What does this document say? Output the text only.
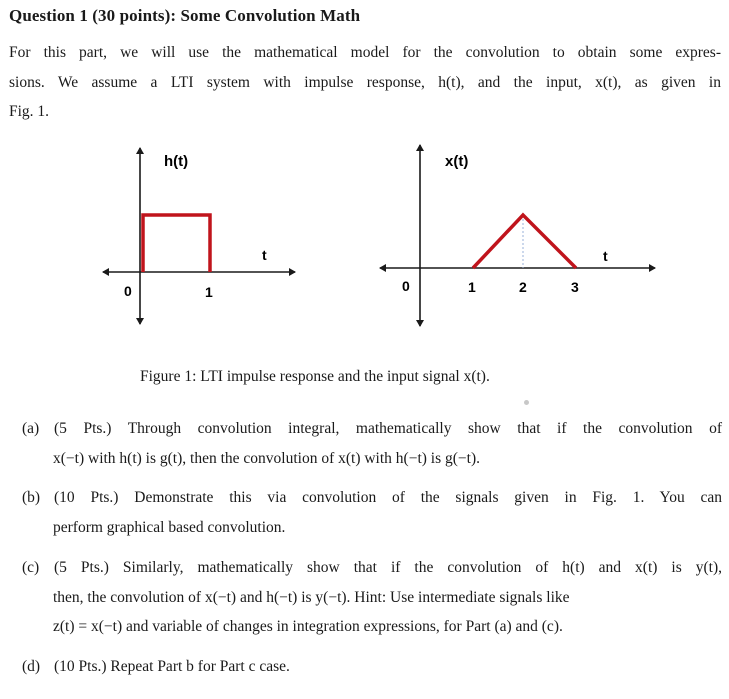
Question 1 (30 points): Some Convolution Math
For this part, we will use the mathematical model for the convolution to obtain some expres-
sions. We assume a LTI system with impulse response, h(t), and the input, x(t), as given in
Fig. 1.
h(t)
t
0	1
x(t)
t
0	1	2	3
Figure 1: LTI impulse response and the input signal x(t).
(a) (5 Pts.) Through convolution integral, mathematically show that if the convolution of
x(−t) with h(t) is g(t), then the convolution of x(t) with h(−t) is g(−t).
(b) (10 Pts.) Demonstrate this via convolution of the signals given in Fig. 1. You can
perform graphical based convolution.
(c) (5 Pts.) Similarly, mathematically show that if the convolution of h(t) and x(t) is y(t),
then, the convolution of x(−t) and h(−t) is y(−t). Hint: Use intermediate signals like
z(t) = x(−t) and variable of changes in integration expressions, for Part (a) and (c).
(d) (10 Pts.) Repeat Part b for Part c case.
